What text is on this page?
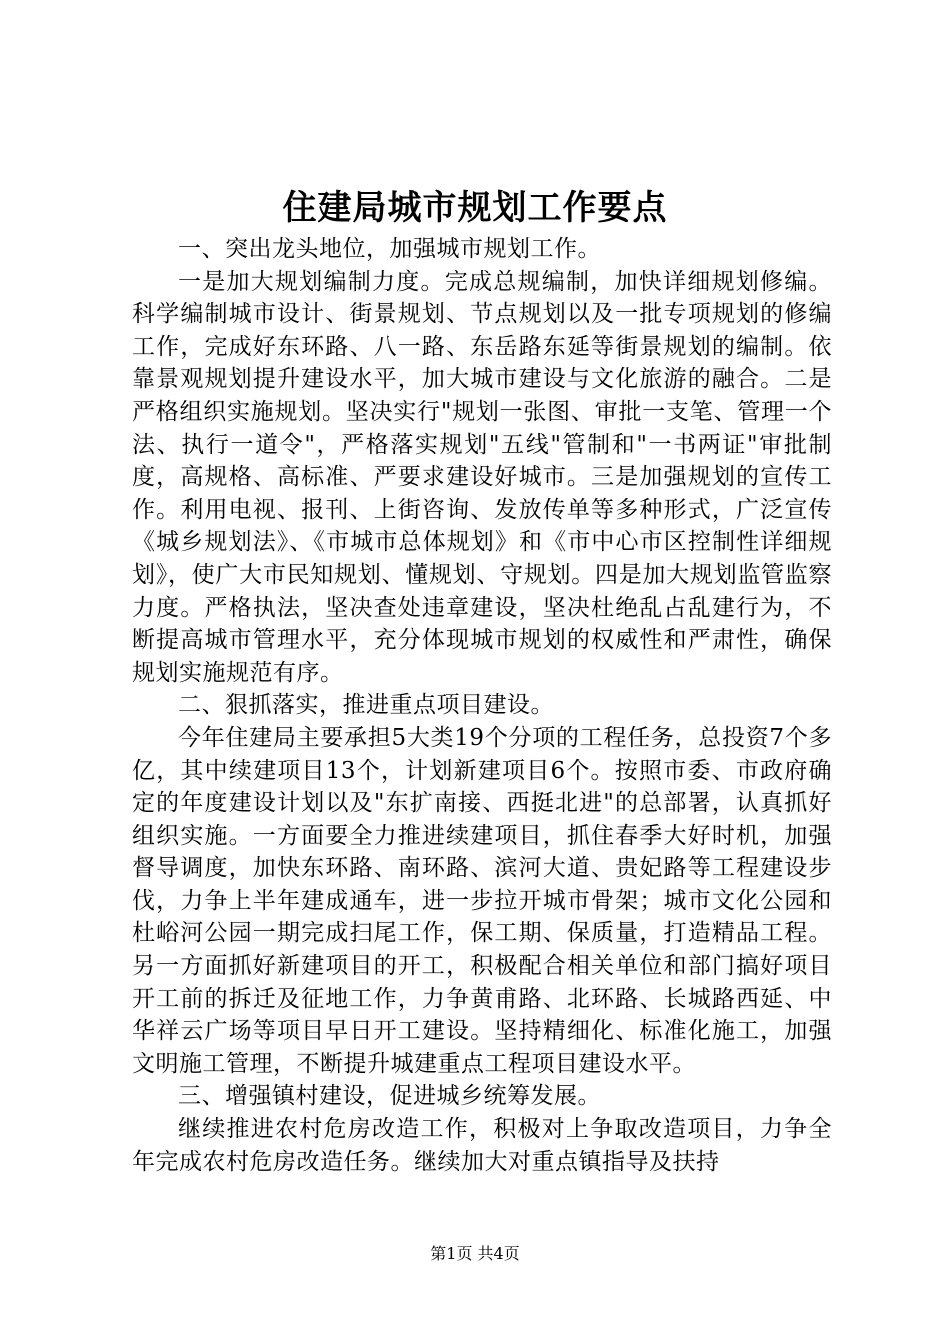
住建局城市规划工作要点

一、突出龙头地位，加强城市规划工作。

一是加大规划编制力度。完成总规编制，加快详细规划修编。科学编制城市设计、街景规划、节点规划以及一批专项规划的修编工作，完成好东环路、八一路、东岳路东延等街景规划的编制。依靠景观规划提升建设水平，加大城市建设与文化旅游的融合。二是严格组织实施规划。坚决实行"规划一张图、审批一支笔、管理一个法、执行一道令"，严格落实规划"五线"管制和"一书两证"审批制度，高规格、高标准、严要求建设好城市。三是加强规划的宣传工作。利用电视、报刊、上街咨询、发放传单等多种形式，广泛宣传《城乡规划法》、《市城市总体规划》和《市中心市区控制性详细规划》，使广大市民知规划、懂规划、守规划。四是加大规划监管监察力度。严格执法，坚决查处违章建设，坚决杜绝乱占乱建行为，不断提高城市管理水平，充分体现城市规划的权威性和严肃性，确保规划实施规范有序。

二、狠抓落实，推进重点项目建设。

今年住建局主要承担5大类19个分项的工程任务，总投资7个多亿，其中续建项目13个，计划新建项目6个。按照市委、市政府确定的年度建设计划以及"东扩南接、西挺北进"的总部署，认真抓好组织实施。一方面要全力推进续建项目，抓住春季大好时机，加强督导调度，加快东环路、南环路、滨河大道、贵妃路等工程建设步伐，力争上半年建成通车，进一步拉开城市骨架；城市文化公园和杜峪河公园一期完成扫尾工作，保工期、保质量，打造精品工程。另一方面抓好新建项目的开工，积极配合相关单位和部门搞好项目开工前的拆迁及征地工作，力争黄甫路、北环路、长城路西延、中华祥云广场等项目早日开工建设。坚持精细化、标准化施工，加强文明施工管理，不断提升城建重点工程项目建设水平。

三、增强镇村建设，促进城乡统筹发展。

继续推进农村危房改造工作，积极对上争取改造项目，力争全年完成农村危房改造任务。继续加大对重点镇指导及扶持

第1页 共4页
